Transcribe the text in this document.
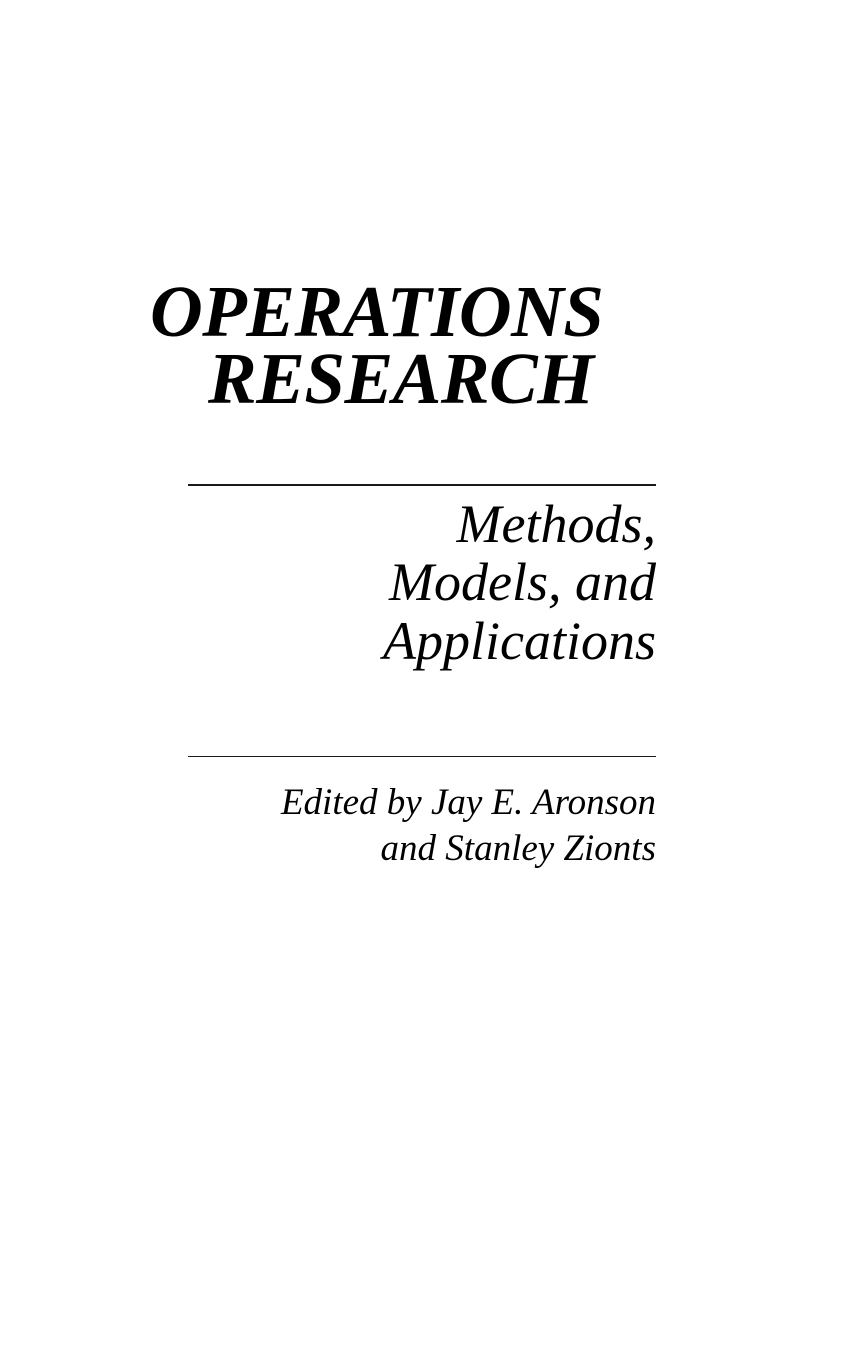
OPERATIONS
RESEARCH
Methods,
Models, and
Applications
Edited by Jay E. Aronson
and Stanley Zionts
